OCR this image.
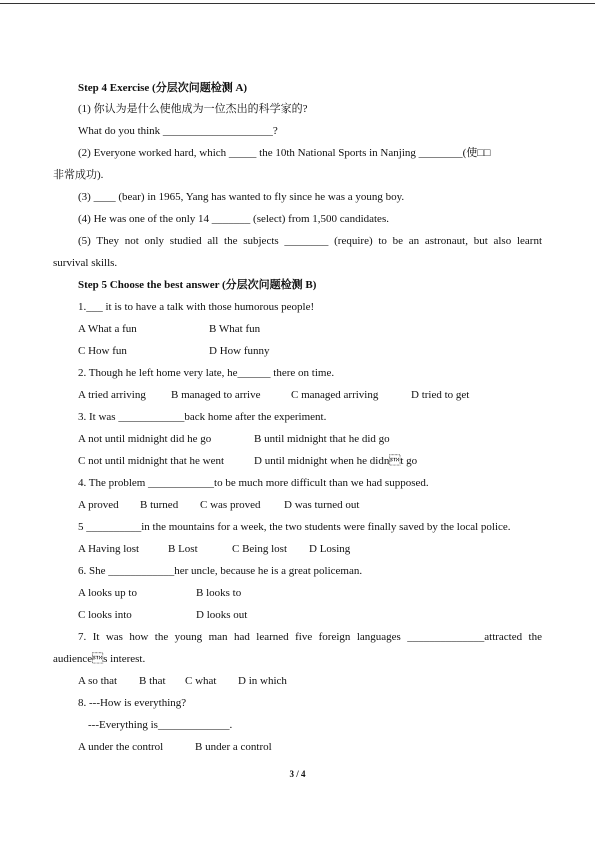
Step 4 Exercise (分层次问题检测 A)
(1) 你认为是什么使他成为一位杰出的科学家的?
What do you think ____________________?
(2) Everyone worked hard, which _____ the 10th National Sports in Nanjing ________(使□□
非常成功).
(3) ____ (bear) in 1965, Yang has wanted to fly since he was a young boy.
(4) He was one of the only 14 _______ (select) from 1,500 candidates.
(5) They not only studied all the subjects ________ (require) to be an astronaut, but also learnt
survival skills.
Step 5 Choose the best answer (分层次问题检测 B)
1.___ it is to have a talk with those humorous people!
A What a fun	B What fun
C How fun	D How funny
2. Though he left home very late, he______ there on time.
A tried arriving B managed to arrive	C managed arriving	D tried to get
3. It was ____________back home after the experiment.
A not until midnight did he go	B until midnight that he did go
C not until midnight that he went	D until midnight when he didnt go
4. The problem ____________to be much more difficult than we had supposed.
A proved B turned C was proved D was turned out
5 __________in the mountains for a week, the two students were finally saved by the local police.
A Having lost	B Lost	C Being lost D Losing
6. She ____________her uncle, because he is a great policeman.
A looks up to	B looks to
C looks into	D looks out
7. It was how the young man had learned five foreign languages ______________attracted the
audiences interest.
A so that B that C what D in which
8. ---How is everything?
---Everything is_____________.
A under the control	B under a control
3 / 4
